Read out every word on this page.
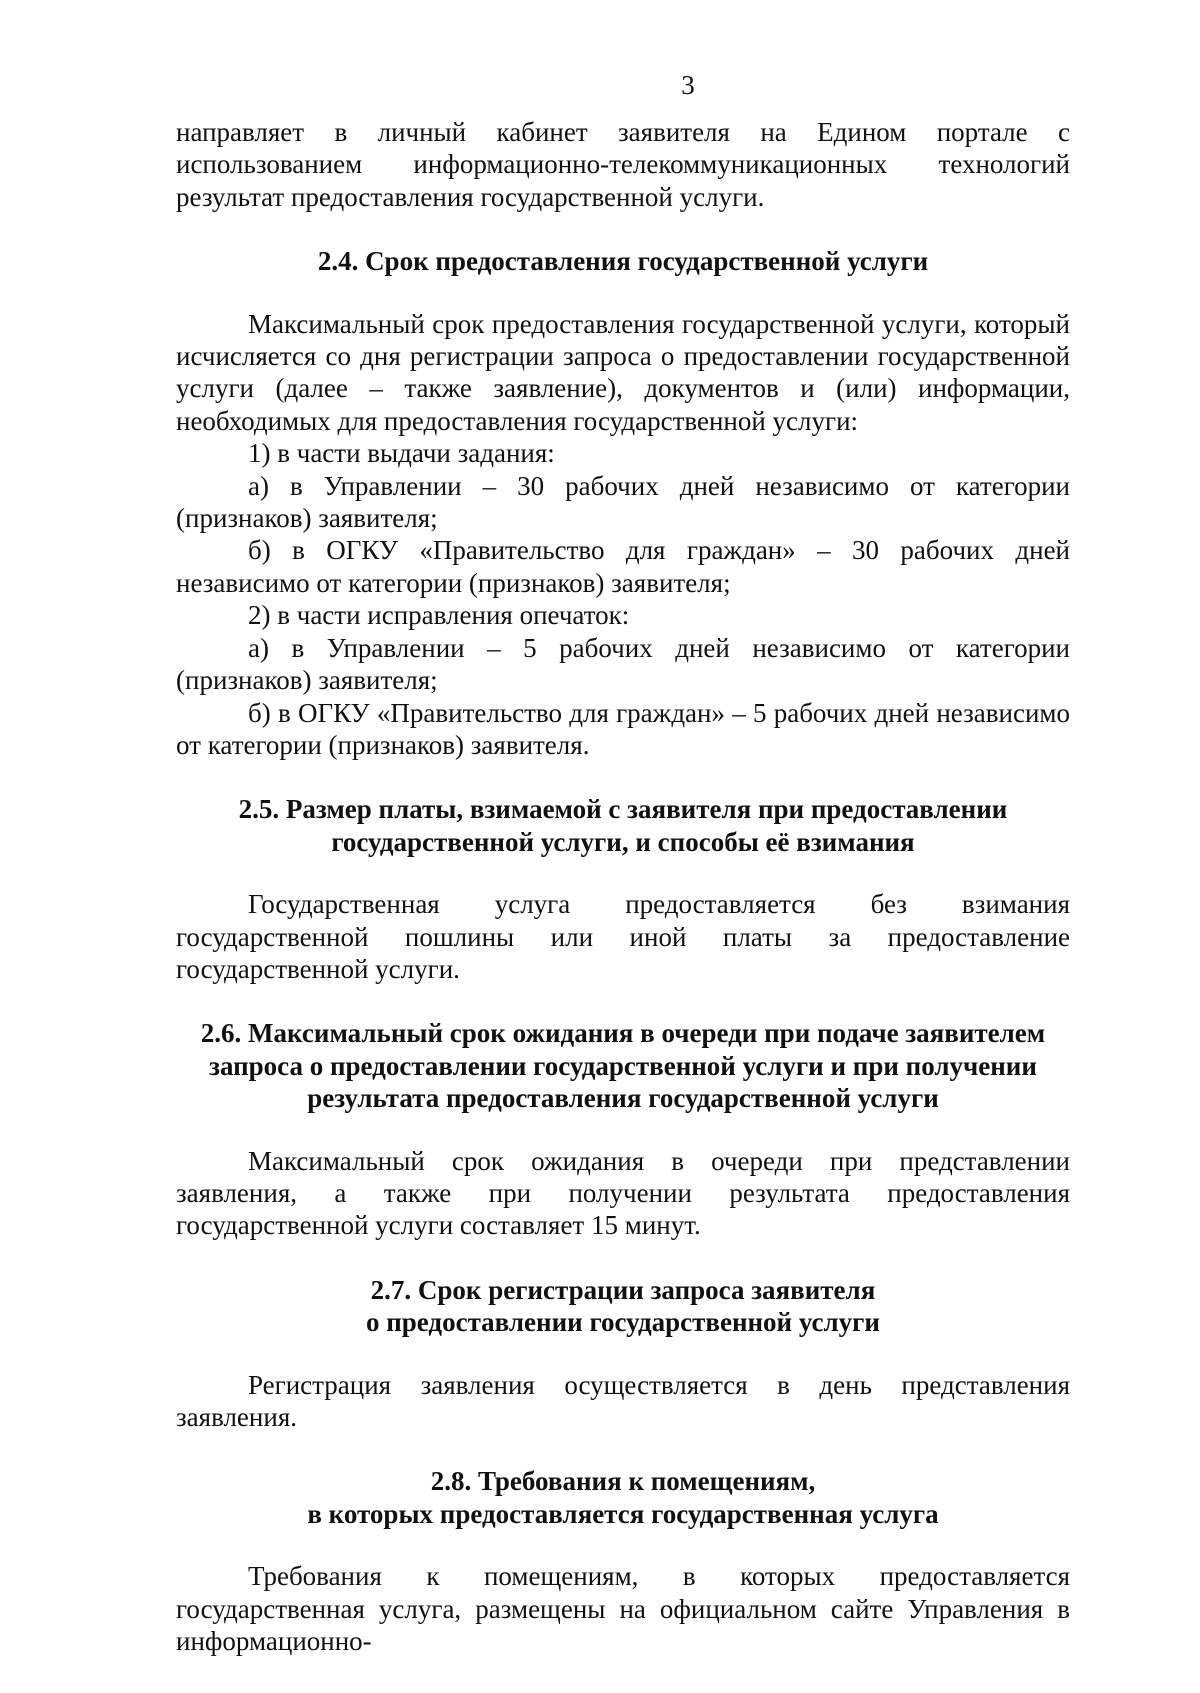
3

направляет в личный кабинет заявителя на Едином портале с использованием информационно-телекоммуникационных технологий результат предоставления государственной услуги.

2.4. Срок предоставления государственной услуги

Максимальный срок предоставления государственной услуги, который исчисляется со дня регистрации запроса о предоставлении государственной услуги (далее – также заявление), документов и (или) информации, необходимых для предоставления государственной услуги:

1) в части выдачи задания:

а) в Управлении – 30 рабочих дней независимо от категории (признаков) заявителя;

б) в ОГКУ «Правительство для граждан» – 30 рабочих дней независимо от категории (признаков) заявителя;

2) в части исправления опечаток:

а) в Управлении – 5 рабочих дней независимо от категории (признаков) заявителя;

б) в ОГКУ «Правительство для граждан» – 5 рабочих дней независимо от категории (признаков) заявителя.

2.5. Размер платы, взимаемой с заявителя при предоставлении
государственной услуги, и способы её взимания

Государственная услуга предоставляется без взимания государственной пошлины или иной платы за предоставление государственной услуги.

2.6. Максимальный срок ожидания в очереди при подаче заявителем
запроса о предоставлении государственной услуги и при получении
результата предоставления государственной услуги

Максимальный срок ожидания в очереди при представлении заявления, а также при получении результата предоставления государственной услуги составляет 15 минут.

2.7. Срок регистрации запроса заявителя
о предоставлении государственной услуги

Регистрация заявления осуществляется в день представления заявления.

2.8. Требования к помещениям,
в которых предоставляется государственная услуга

Требования к помещениям, в которых предоставляется государственная услуга, размещены на официальном сайте Управления в информационно-
